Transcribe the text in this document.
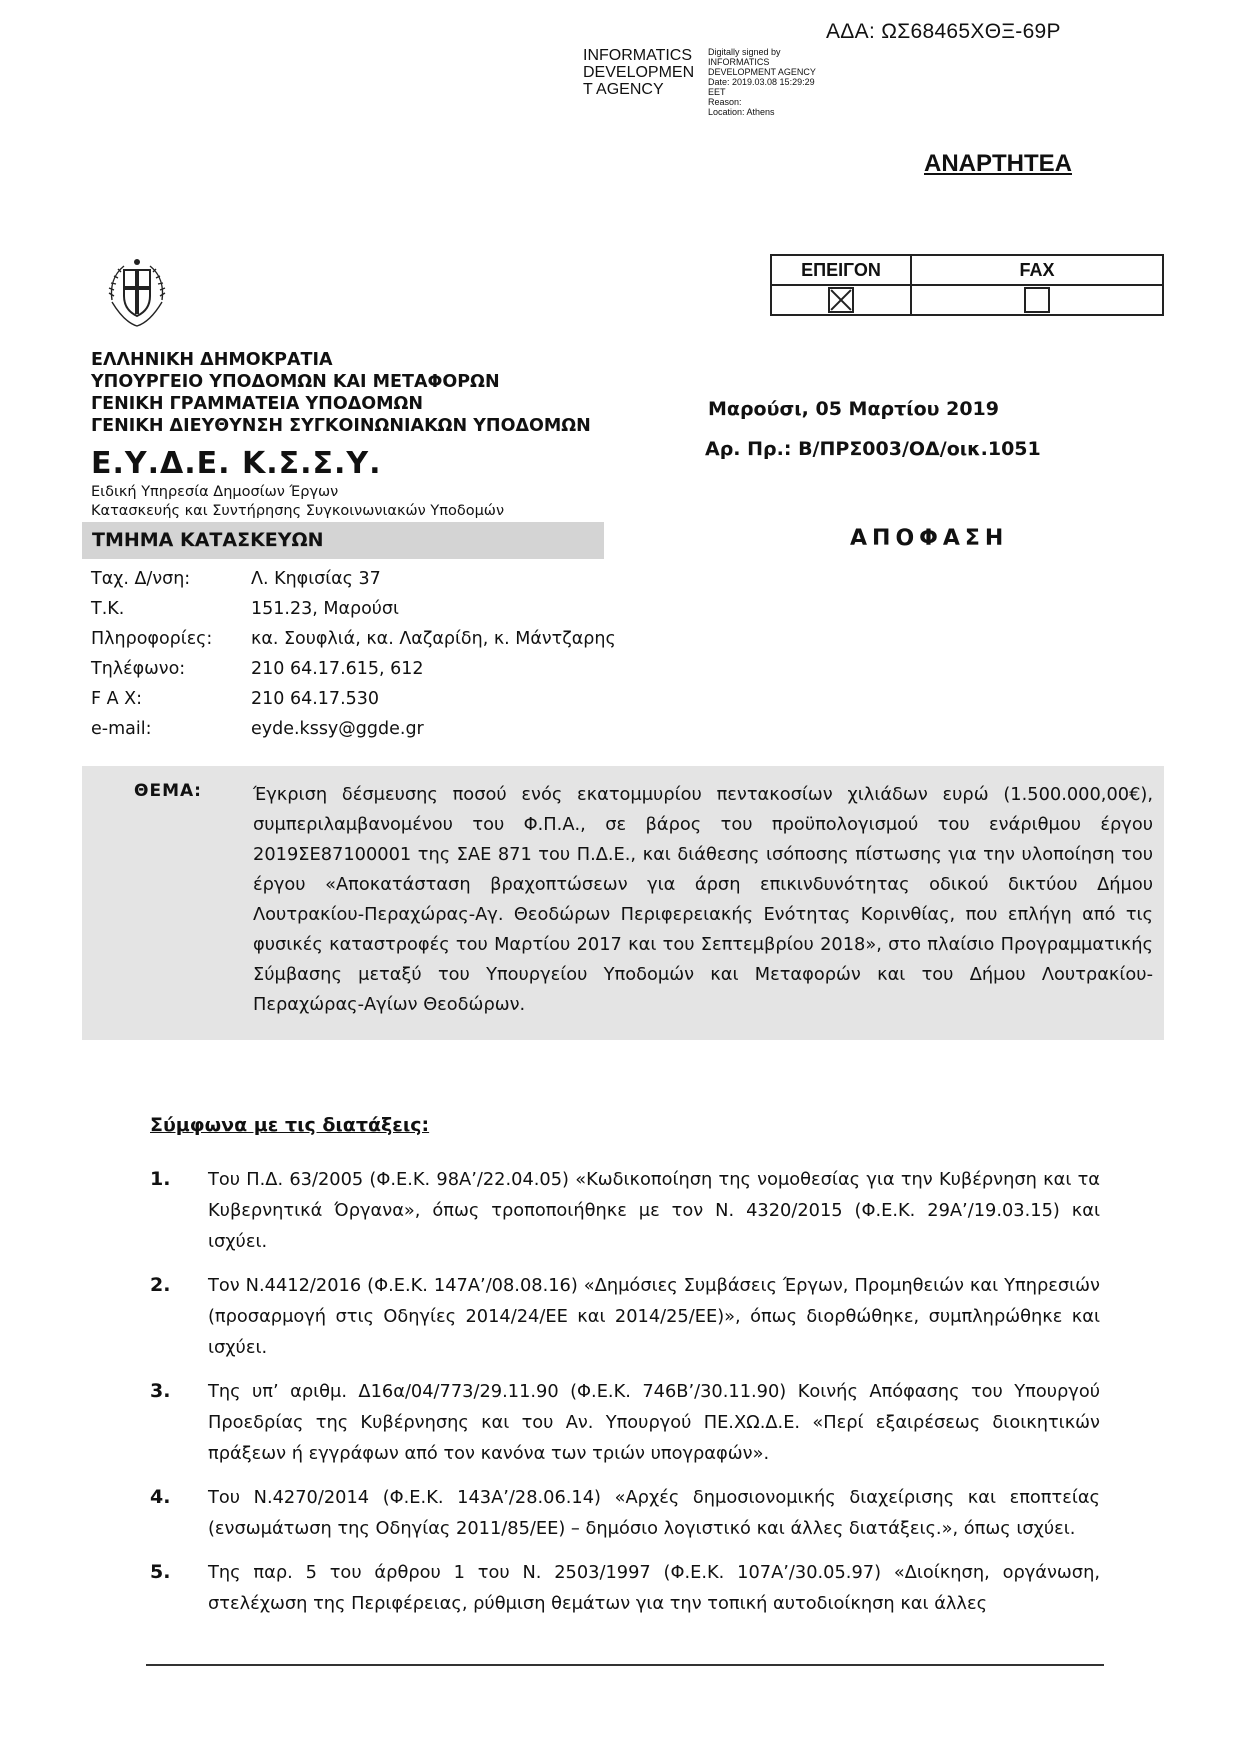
ΑΔΑ: ΩΣ68465ΧΘΞ-69Ρ
INFORMATICS
DEVELOPMEN
T AGENCY
Digitally signed by
INFORMATICS
DEVELOPMENT AGENCY
Date: 2019.03.08 15:29:29
EET
Reason:
Location: Athens
ΑΝΑΡΤΗΤΕΑ
ΕΠΕΙΓΟΝ	FAX

ΕΛΛΗΝΙΚΗ ΔΗΜΟΚΡΑΤΙΑ
ΥΠΟΥΡΓΕΙΟ ΥΠΟΔΟΜΩΝ ΚΑΙ ΜΕΤΑΦΟΡΩΝ
ΓΕΝΙΚΗ ΓΡΑΜΜΑΤΕΙΑ ΥΠΟΔΟΜΩΝ
ΓΕΝΙΚΗ ΔΙΕΥΘΥΝΣΗ ΣΥΓΚΟΙΝΩΝΙΑΚΩΝ ΥΠΟΔΟΜΩΝ
Ε.Υ.Δ.Ε. Κ.Σ.Σ.Υ.
Ειδική Υπηρεσία Δημοσίων Έργων
Κατασκευής και Συντήρησης Συγκοινωνιακών Υποδομών
ΤΜΗΜΑ ΚΑΤΑΣΚΕΥΩΝ
Ταχ. Δ/νση:	Λ. Κηφισίας 37
Τ.Κ.	151.23, Μαρούσι
Πληροφορίες:	κα. Σουφλιά, κα. Λαζαρίδη, κ. Μάντζαρης
Τηλέφωνο:	210 64.17.615, 612
F A X:	210 64.17.530
e-mail:	eyde.kssy@ggde.gr
Μαρούσι, 05 Μαρτίου 2019
Αρ. Πρ.: Β/ΠΡΣ003/ΟΔ/οικ.1051
ΑΠΟΦΑΣΗ
ΘΕΜΑ:	Έγκριση δέσμευσης ποσού ενός εκατομμυρίου πεντακοσίων χιλιάδων ευρώ (1.500.000,00€), συμπεριλαμβανομένου του Φ.Π.Α., σε βάρος του προϋπολογισμού του ενάριθμου έργου 2019ΣΕ87100001 της ΣΑΕ 871 του Π.Δ.Ε., και διάθεσης ισόποσης πίστωσης για την υλοποίηση του έργου «Αποκατάσταση βραχοπτώσεων για άρση επικινδυνότητας οδικού δικτύου Δήμου Λουτρακίου-Περαχώρας-Αγ. Θεοδώρων Περιφερειακής Ενότητας Κορινθίας, που επλήγη από τις φυσικές καταστροφές του Μαρτίου 2017 και του Σεπτεμβρίου 2018», στο πλαίσιο Προγραμματικής Σύμβασης μεταξύ του Υπουργείου Υποδομών και Μεταφορών και του Δήμου Λουτρακίου-Περαχώρας-Αγίων Θεοδώρων.
Σύμφωνα με τις διατάξεις:
1.	Του Π.Δ. 63/2005 (Φ.Ε.Κ. 98Α’/22.04.05) «Κωδικοποίηση της νομοθεσίας για την Κυβέρνηση και τα Κυβερνητικά Όργανα», όπως τροποποιήθηκε με τον Ν. 4320/2015 (Φ.Ε.Κ. 29Α’/19.03.15) και ισχύει.
2.	Τον Ν.4412/2016 (Φ.Ε.Κ. 147Α’/08.08.16) «Δημόσιες Συμβάσεις Έργων, Προμηθειών και Υπηρεσιών (προσαρμογή στις Οδηγίες 2014/24/ΕΕ και 2014/25/ΕΕ)», όπως διορθώθηκε, συμπληρώθηκε και ισχύει.
3.	Της υπ’ αριθμ. Δ16α/04/773/29.11.90 (Φ.Ε.Κ. 746Β’/30.11.90) Κοινής Απόφασης του Υπουργού Προεδρίας της Κυβέρνησης και του Αν. Υπουργού ΠΕ.ΧΩ.Δ.Ε. «Περί εξαιρέσεως διοικητικών πράξεων ή εγγράφων από τον κανόνα των τριών υπογραφών».
4.	Του Ν.4270/2014 (Φ.Ε.Κ. 143Α’/28.06.14) «Αρχές δημοσιονομικής διαχείρισης και εποπτείας (ενσωμάτωση της Οδηγίας 2011/85/ΕΕ) – δημόσιο λογιστικό και άλλες διατάξεις.», όπως ισχύει.
5.	Της παρ. 5 του άρθρου 1 του Ν. 2503/1997 (Φ.Ε.Κ. 107Α’/30.05.97) «Διοίκηση, οργάνωση, στελέχωση της Περιφέρειας, ρύθμιση θεμάτων για την τοπική αυτοδιοίκηση και άλλες
